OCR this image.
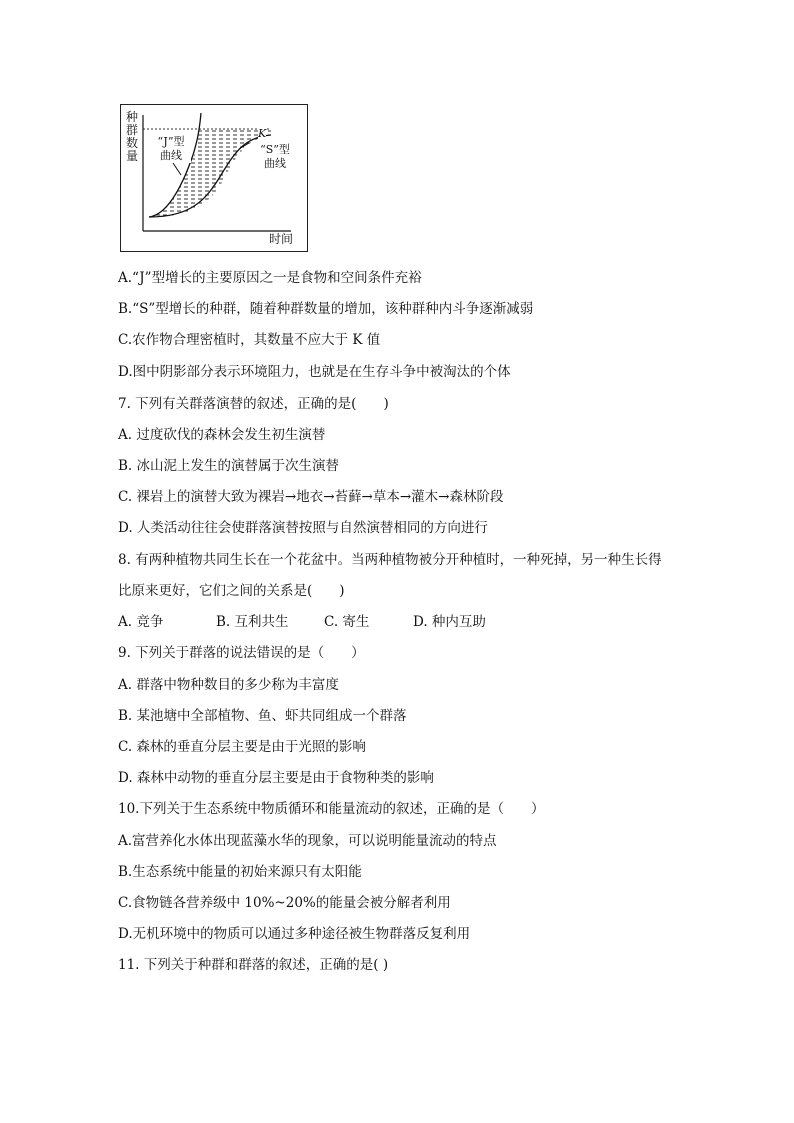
种群数量
时间
“J”型
曲线	“S”型
曲线
K
A.“J”型增长的主要原因之一是食物和空间条件充裕
B.“S”型增长的种群，随着种群数量的增加，该种群种内斗争逐渐减弱
C.农作物合理密植时，其数量不应大于 K 值
D.图中阴影部分表示环境阻力，也就是在生存斗争中被淘汰的个体
7. 下列有关群落演替的叙述，正确的是(　　)
A. 过度砍伐的森林会发生初生演替
B. 冰山泥上发生的演替属于次生演替
C. 裸岩上的演替大致为裸岩→地衣→苔藓→草本→灌木→森林阶段
D. 人类活动往往会使群落演替按照与自然演替相同的方向进行
8. 有两种植物共同生长在一个花盆中。当两种植物被分开种植时，一种死掉，另一种生长得
比原来更好，它们之间的关系是(　　)
A. 竞争	B. 互利共生	C. 寄生	D. 种内互助
9. 下列关于群落的说法错误的是（　　）
A. 群落中物种数目的多少称为丰富度
B. 某池塘中全部植物、鱼、虾共同组成一个群落
C. 森林的垂直分层主要是由于光照的影响
D. 森林中动物的垂直分层主要是由于食物种类的影响
10.下列关于生态系统中物质循环和能量流动的叙述，正确的是（　　）
A.富营养化水体出现蓝藻水华的现象，可以说明能量流动的特点
B.生态系统中能量的初始来源只有太阳能
C.食物链各营养级中 10%~20%的能量会被分解者利用
D.无机环境中的物质可以通过多种途径被生物群落反复利用
11. 下列关于种群和群落的叙述，正确的是( )
